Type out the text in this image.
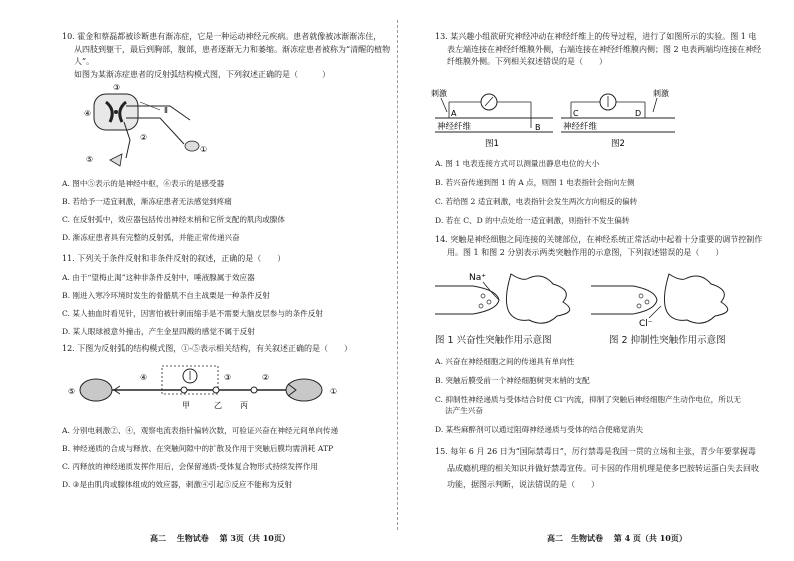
10. 霍金和蔡磊都被诊断患有渐冻症，它是一种运动神经元疾病。患者就像被冰渐渐冻住，
从四肢到躯干，最后到胸部，腹部，患者逐渐无力和萎缩。渐冻症患者被称为“清醒的植物人”。
如图为某渐冻症患者的反射弧结构模式图，下列叙述正确的是（　　　）
Ⅱ
③
④
⑤
②
①
A. 图中⑤表示的是神经中枢，⑥表示的是感受器
B. 若给予一适宜刺激，渐冻症患者无法感觉到疼痛
C. 在反射弧中，效应器包括传出神经末梢和它所支配的肌肉或腺体
D. 渐冻症患者具有完整的反射弧，并能正常传递兴奋
11. 下列关于条件反射和非条件反射的叙述，正确的是（　　）
A. 由于“望梅止渴”这种非条件反射中，唾液腺属于效应器
B. 刚进入寒冷环境时发生的骨骼肌不自主战栗是一种条件反射
C. 某人抽血时看见针，因害怕被针刺而缩手是不需要大脑皮层参与的条件反射
D. 某人眼球被意外撞击，产生金星四溅的感觉不属于反射
12. 下图为反射弧的结构模式图，①-⑤表示相关结构，有关叙述正确的是（　　）
⑤
④
甲	乙 丙
③	②
①
A. 分别电刺激②、④，观察电流表指针偏转次数，可验证兴奋在神经元间单向传递
B. 神经递质的合成与释放、在突触间隙中的扩散及作用于突触后膜均需消耗 ATP
C. 丙释放的神经递质发挥作用后，会保留递质-受体复合物形式持续发挥作用
D. ③是由肌肉或腺体组成的效应器，刺激④引起⑤反应不能称为反射
高二　 生物试卷　 第 3页（共 10页）
13. 某兴趣小组欲研究神经冲动在神经纤维上的传导过程，进行了如图所示的实验。图 1 电
表左端连接在神经纤维膜外侧，右端连接在神经纤维膜内侧；图 2 电表两端均连接在神经
纤维膜外侧。下列相关叙述错误的是（　　）
刺激
A
B
神经纤维
图1
刺激
C	D
神经纤维
图2
A. 图 1 电表连接方式可以测量出静息电位的大小
B. 若兴奋传递到图 1 的 A 点，则图 1 电表指针会指向左侧
C. 若给图 2 适宜刺激，电表指针会发生两次方向相反的偏转
D. 若在 C、D 的中点处给一适宜刺激，则指针不发生偏转
14. 突触是神经细胞之间连接的关键部位，在神经系统正常活动中起着十分重要的调节控制作
用。图 1 和图 2 分别表示两类突触作用的示意图，下列叙述错误的是（　　）
Na⁺
Cl⁻
图 1 兴奋性突触作用示意图	图 2 抑制性突触作用示意图
A. 兴奋在神经细胞之间的传递具有单向性
B. 突触后膜受前一个神经细胞树突末梢的支配
C. 抑制性神经递质与受体结合时使 Cl⁻内流，抑制了突触后神经细胞产生动作电位，所以无
　 法产生兴奋
D. 某些麻醉剂可以通过阻碍神经递质与受体的结合使痛觉消失
15. 每年 6 月 26 日为“国际禁毒日”，厉行禁毒是我国一贯的立场和主张，青少年要掌握毒
品成瘾机理的相关知识并做好禁毒宣传。可卡因的作用机理是使多巴胺转运蛋白失去回收
功能，据图示判断，说法错误的是（　　）
高二　生物试卷　 第 4 页（共 10页）
